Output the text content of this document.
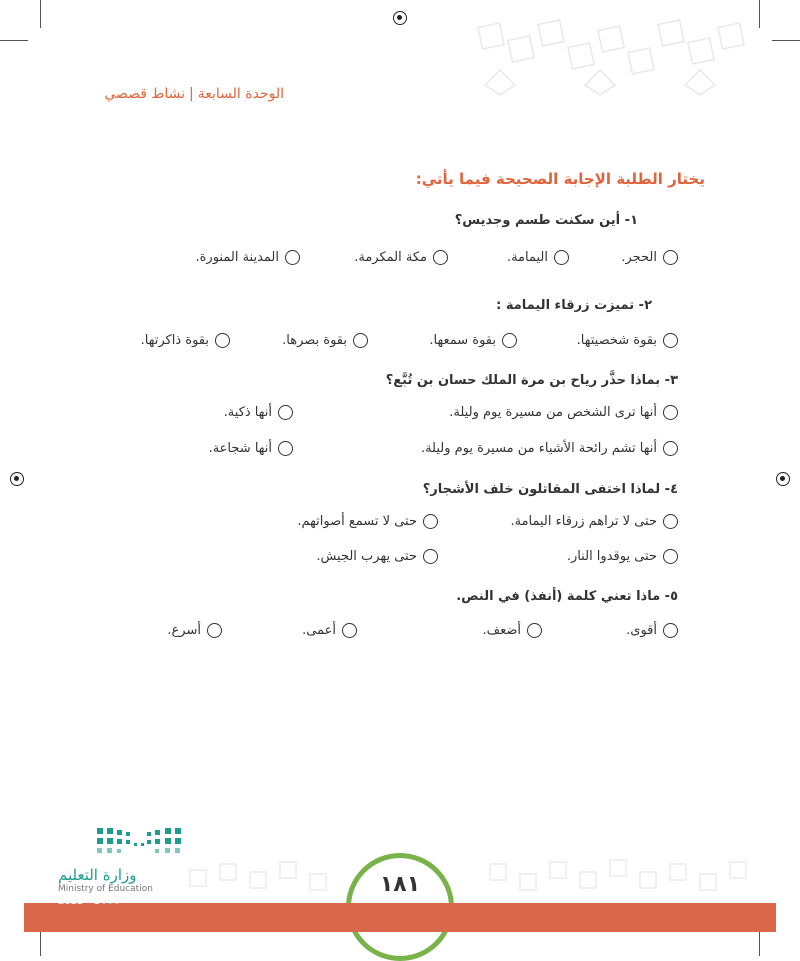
الوحدة السابعة|نشاط قصصي
يختار الطلبة الإجابة الصحيحة فيما يأتي:
١- أين سكنت طسم وجديس؟
الحجر.
اليمامة.
مكة المكرمة.
المدينة المنورة.
٢- تميزت زرقاء اليمامة :
بقوة شخصيتها.
بقوة سمعها.
بقوة بصرها.
بقوة ذاكرتها.
٣- بماذا حذَّر رياح بن مرة الملك حسان بن تُبَّع؟
أنها ترى الشخص من مسيرة يوم وليلة.
أنها ذكية.
أنها تشم رائحة الأشياء من مسيرة يوم وليلة.
أنها شجاعة.
٤- لماذا اختفى المقاتلون خلف الأشجار؟
حتى لا تراهم زرقاء اليمامة.
حتى لا تسمع أصواتهم.
حتى يوقدوا النار.
حتى يهرب الجيش.
٥- ماذا تعني كلمة (أنفذ) في النص.
أقوى.
أضعف.
أعمى.
أسرع.
١٨١
وزارة التعليم
Ministry of Education
2023 - 1444
